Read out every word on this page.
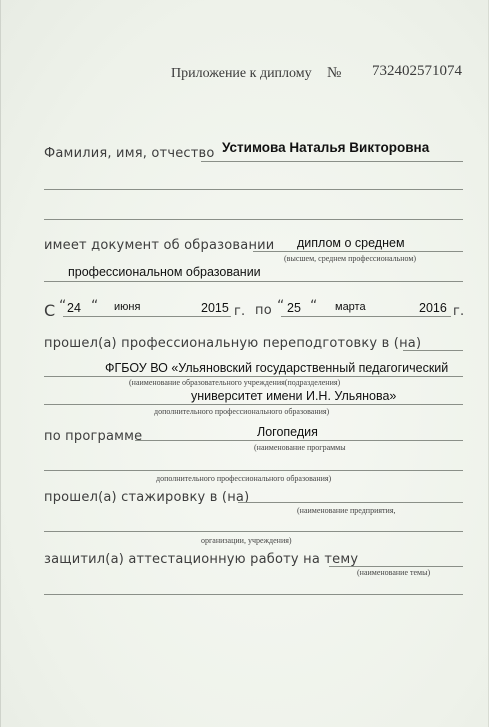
Приложение к диплому № 732402571074
Фамилия, имя, отчество Устимова Наталья Викторовна
имеет документ об образовании диплом о среднем
(высшем, среднем профессиональном)
профессиональном образовании
С “ 24 “ июня	2015 г. по “ 25 “ марта	2016 г.
прошел(а) профессиональную переподготовку в (на)
ФГБОУ ВО «Ульяновский государственный педагогический
(наименование образовательного учреждения(подразделения)
университет имени И.Н. Ульянова»
дополнительного профессионального образования)
по программе	Логопедия
(наименование программы
дополнительного профессионального образования)
прошел(а) стажировку в (на)
(наименование предприятия,
организации, учреждения)
защитил(а) аттестационную работу на тему
(наименование темы)
